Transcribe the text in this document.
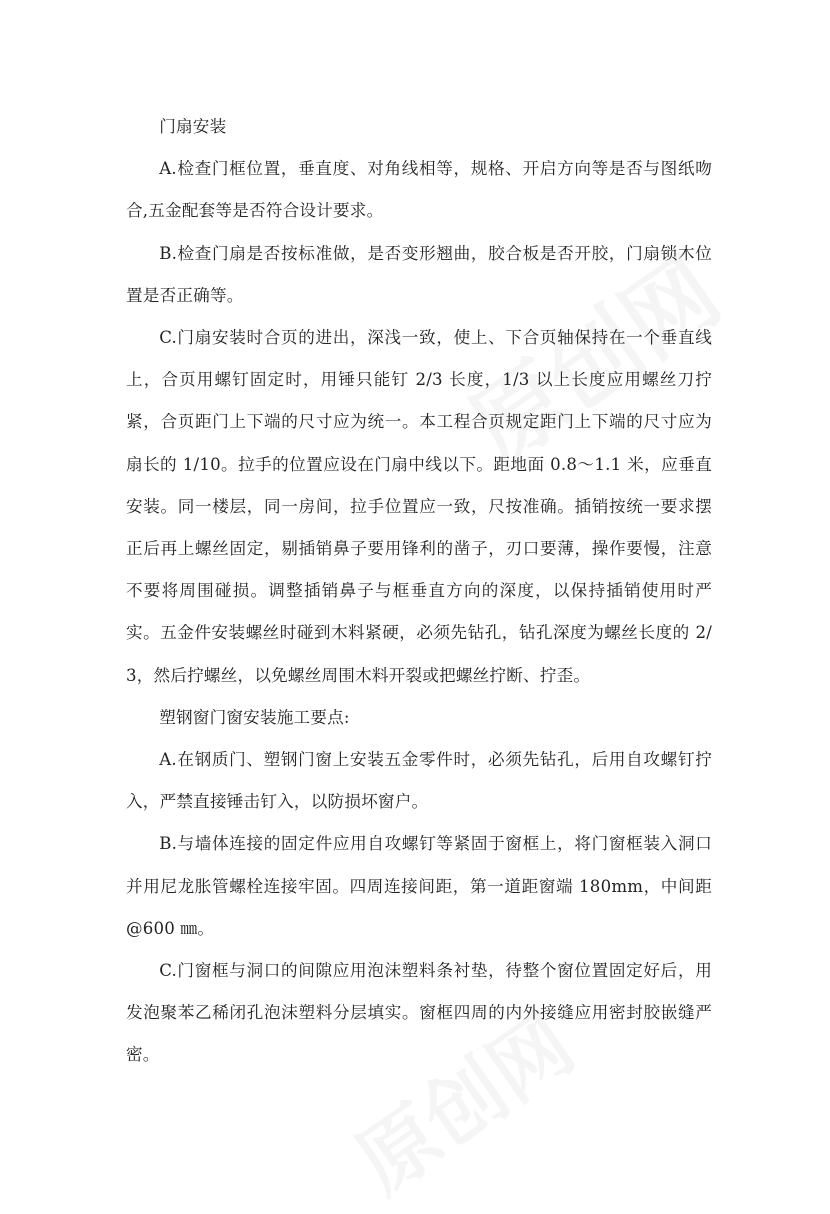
门扇安装

A.检查门框位置，垂直度、对角线相等，规格、开启方向等是否与图纸吻合,五金配套等是否符合设计要求。

B.检查门扇是否按标准做，是否变形翘曲，胶合板是否开胶，门扇锁木位置是否正确等。

C.门扇安装时合页的进出，深浅一致，使上、下合页轴保持在一个垂直线上，合页用螺钉固定时，用锤只能钉 2/3 长度，1/3 以上长度应用螺丝刀拧紧，合页距门上下端的尺寸应为统一。本工程合页规定距门上下端的尺寸应为扇长的 1/10。拉手的位置应设在门扇中线以下。距地面 0.8～1.1 米，应垂直安装。同一楼层，同一房间，拉手位置应一致，尺按准确。插销按统一要求摆正后再上螺丝固定，剔插销鼻子要用锋利的凿子，刃口要薄，操作要慢，注意不要将周围碰损。调整插销鼻子与框垂直方向的深度，以保持插销使用时严实。五金件安装螺丝时碰到木料紧硬，必须先钻孔，钻孔深度为螺丝长度的 2/3，然后拧螺丝，以免螺丝周围木料开裂或把螺丝拧断、拧歪。

塑钢窗门窗安装施工要点:

A.在钢质门、塑钢门窗上安装五金零件时，必须先钻孔，后用自攻螺钉拧入，严禁直接锤击钉入，以防损坏窗户。

B.与墙体连接的固定件应用自攻螺钉等紧固于窗框上，将门窗框装入洞口并用尼龙胀管螺栓连接牢固。四周连接间距，第一道距窗端 180mm，中间距@600 ㎜。

C.门窗框与洞口的间隙应用泡沫塑料条衬垫，待整个窗位置固定好后，用发泡聚苯乙稀闭孔泡沫塑料分层填实。窗框四周的内外接缝应用密封胶嵌缝严密。
